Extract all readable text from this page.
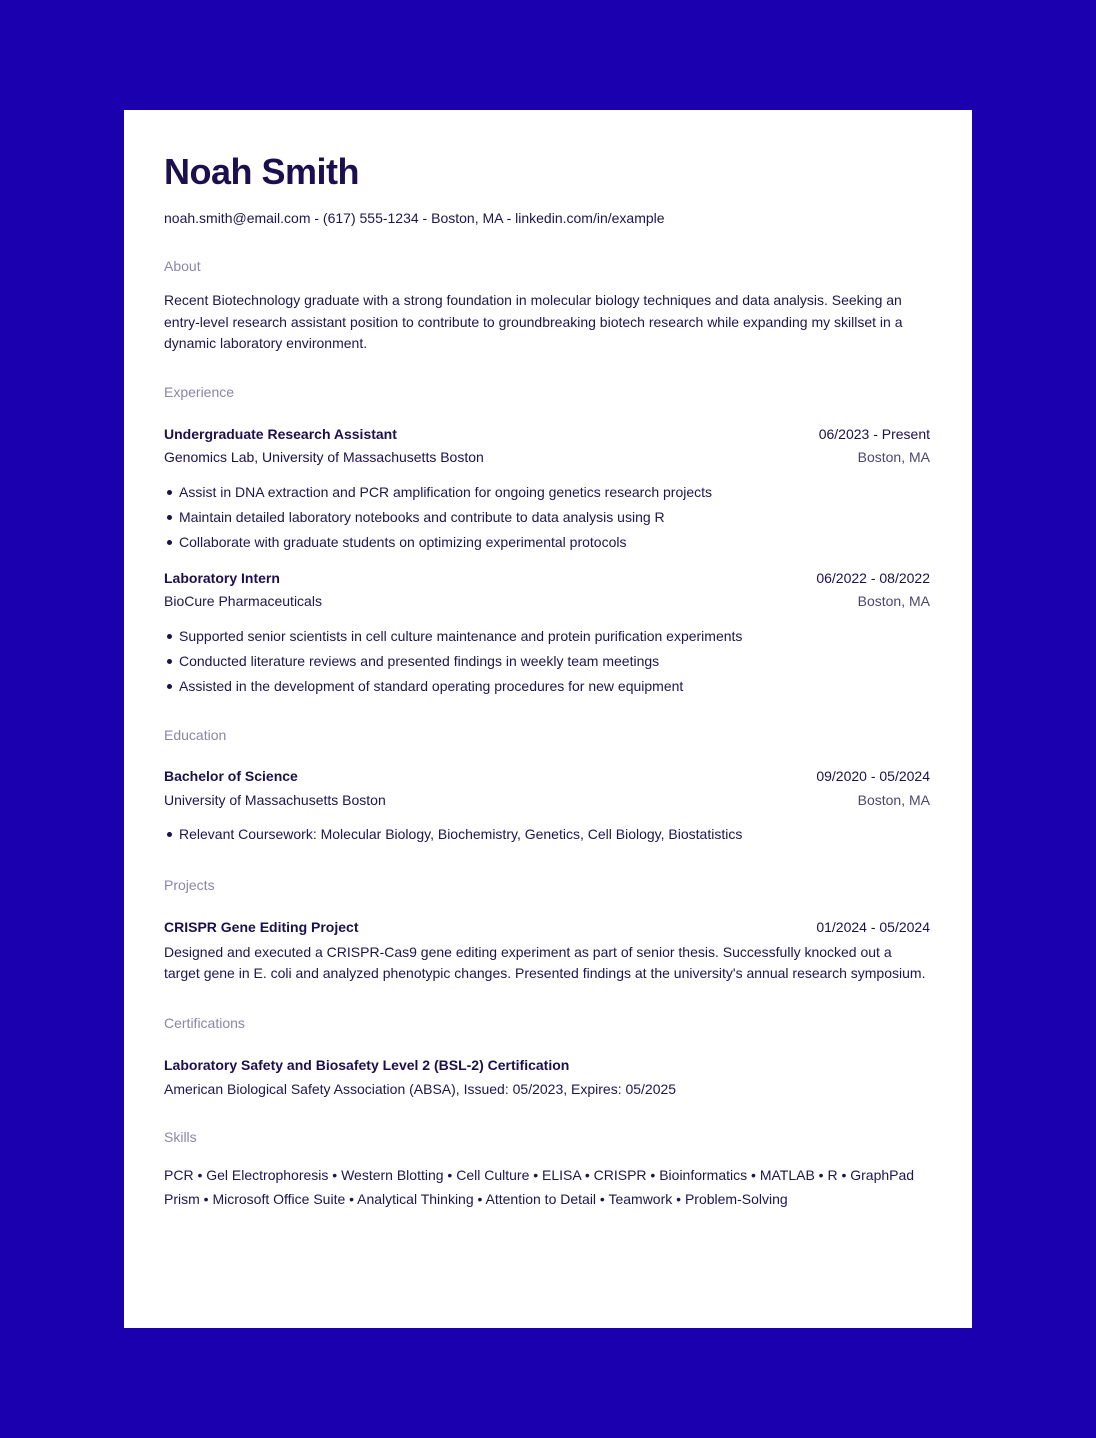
Noah Smith
noah.smith@email.com - (617) 555-1234 - Boston, MA - linkedin.com/in/example
About
Recent Biotechnology graduate with a strong foundation in molecular biology techniques and data analysis. Seeking an entry-level research assistant position to contribute to groundbreaking biotech research while expanding my skillset in a dynamic laboratory environment.
Experience
Undergraduate Research Assistant	06/2023 - Present
Genomics Lab, University of Massachusetts Boston	Boston, MA
Assist in DNA extraction and PCR amplification for ongoing genetics research projects
Maintain detailed laboratory notebooks and contribute to data analysis using R
Collaborate with graduate students on optimizing experimental protocols
Laboratory Intern	06/2022 - 08/2022
BioCure Pharmaceuticals	Boston, MA
Supported senior scientists in cell culture maintenance and protein purification experiments
Conducted literature reviews and presented findings in weekly team meetings
Assisted in the development of standard operating procedures for new equipment
Education
Bachelor of Science	09/2020 - 05/2024
University of Massachusetts Boston	Boston, MA
Relevant Coursework: Molecular Biology, Biochemistry, Genetics, Cell Biology, Biostatistics
Projects
CRISPR Gene Editing Project	01/2024 - 05/2024
Designed and executed a CRISPR-Cas9 gene editing experiment as part of senior thesis. Successfully knocked out a target gene in E. coli and analyzed phenotypic changes. Presented findings at the university's annual research symposium.
Certifications
Laboratory Safety and Biosafety Level 2 (BSL-2) Certification
American Biological Safety Association (ABSA), Issued: 05/2023, Expires: 05/2025
Skills
PCR • Gel Electrophoresis • Western Blotting • Cell Culture • ELISA • CRISPR • Bioinformatics • MATLAB • R • GraphPad Prism • Microsoft Office Suite • Analytical Thinking • Attention to Detail • Teamwork • Problem-Solving
